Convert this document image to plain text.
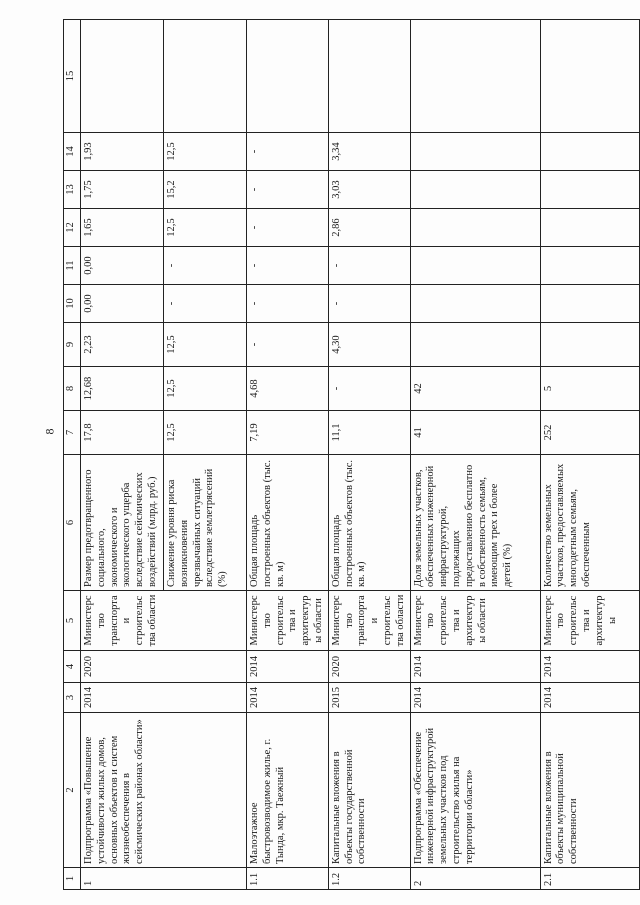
8
1	2	3	4	5	6	7	8	9	10	11	12	13	14	15
1	Подпрограмма «Повышение устойчивости жилых домов, основных объектов и систем жизнеобеспечения в сейсмических районах области»	2014	2020	Министерство транспорта и строительства области	Размер предотвращенного социального, экономического и экологического ущерба вследствие сейсмических воздействий (млрд. руб.)	17,8	12,68	2,23	0,00	0,00	1,65	1,75	1,93	
					Снижение уровня риска возникновения чрезвычайных ситуаций вследствие землетрясений (%)	12,5	12,5	12,5	-	-	12,5	15,2	12,5	
1.1	Малоэтажное быстровозводимое жилье, г. Тында, мкр. Таежный	2014	2014	Министерство строительства и архитектуры области	Общая площадь построенных объектов (тыс. кв. м)	7,19	4,68	-	-	-	-	-	-	
1.2	Капитальные вложения в объекты государственной собственности	2015	2020	Министерство транспорта и строительства области	Общая площадь построенных объектов (тыс. кв. м)	11,1	-	4,30	-	-	2,86	3,03	3,34	
2	Подпрограмма «Обеспечение инженерной инфраструктурой земельных участков под строительство жилья на территории области»	2014	2014	Министерство строительства и архитектуры области	Доля земельных участков, обеспеченных инженерной инфраструктурой, подлежащих предоставлению бесплатно в собственность семьям, имеющим трех и более детей (%)	41	42							
2.1	Капитальные вложения в объекты муниципальной собственности	2014	2014	Министерство строительства и архитектуры	Количество земельных участков, предоставляемых многодетным семьям, обеспеченным	252	5							
